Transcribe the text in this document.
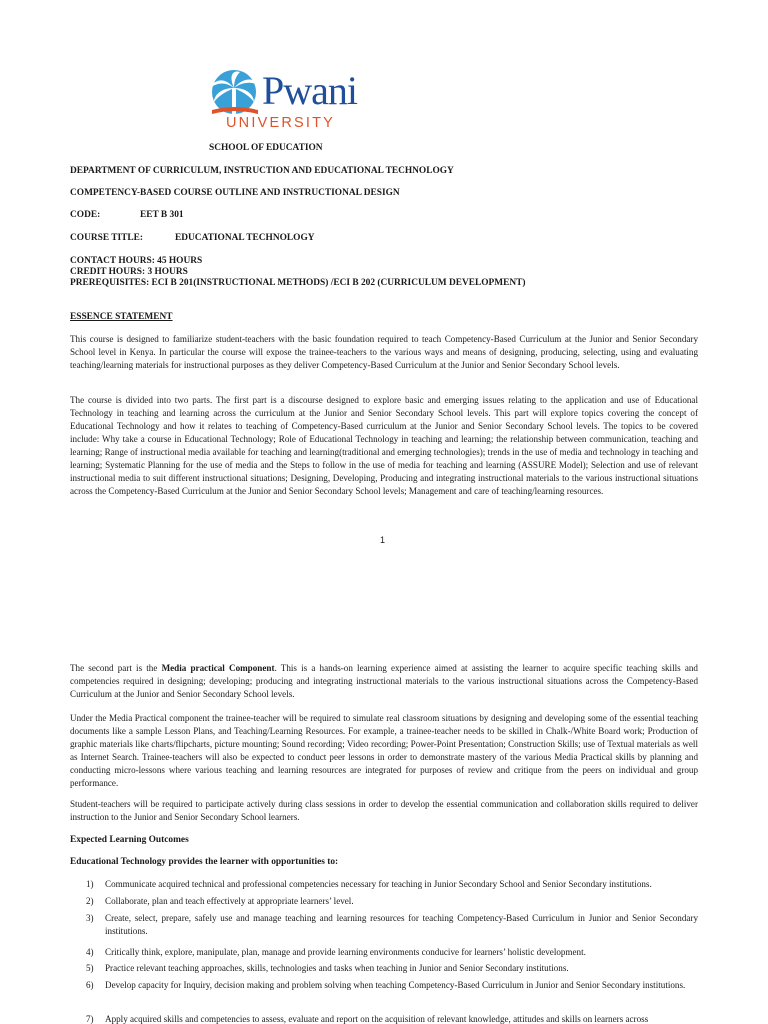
Pwani
UNIVERSITY
SCHOOL OF EDUCATION
DEPARTMENT OF CURRICULUM, INSTRUCTION AND EDUCATIONAL TECHNOLOGY
COMPETENCY-BASED COURSE OUTLINE AND INSTRUCTIONAL DESIGN
CODE:	EET B 301
COURSE TITLE:	EDUCATIONAL TECHNOLOGY
CONTACT HOURS: 45 HOURS
CREDIT HOURS: 3 HOURS
PREREQUISITES: ECI B 201(INSTRUCTIONAL METHODS) /ECI B 202 (CURRICULUM DEVELOPMENT)
ESSENCE STATEMENT
This course is designed to familiarize student-teachers with the basic foundation required to teach Competency-Based Curriculum at the Junior and Senior Secondary School level in Kenya. In particular the course will expose the trainee-teachers to the various ways and means of designing, producing, selecting, using and evaluating teaching/learning materials for instructional purposes as they deliver Competency-Based Curriculum at the Junior and Senior Secondary School levels.
The course is divided into two parts. The first part is a discourse designed to explore basic and emerging issues relating to the application and use of Educational Technology in teaching and learning across the curriculum at the Junior and Senior Secondary School levels. This part will explore topics covering the concept of Educational Technology and how it relates to teaching of Competency-Based curriculum at the Junior and Senior Secondary School levels. The topics to be covered include: Why take a course in Educational Technology; Role of Educational Technology in teaching and learning; the relationship between communication, teaching and learning; Range of instructional media available for teaching and learning(traditional and emerging technologies); trends in the use of media and technology in teaching and learning; Systematic Planning for the use of media and the Steps to follow in the use of media for teaching and learning (ASSURE Model); Selection and use of relevant instructional media to suit different instructional situations; Designing, Developing, Producing and integrating instructional materials to the various instructional situations across the Competency-Based Curriculum at the Junior and Senior Secondary School levels; Management and care of teaching/learning resources.
1
The second part is the Media practical Component. This is a hands-on learning experience aimed at assisting the learner to acquire specific teaching skills and competencies required in designing; developing; producing and integrating instructional materials to the various instructional situations across the Competency-Based Curriculum at the Junior and Senior Secondary School levels.
Under the Media Practical component the trainee-teacher will be required to simulate real classroom situations by designing and developing some of the essential teaching documents like a sample Lesson Plans, and Teaching/Learning Resources. For example, a trainee-teacher needs to be skilled in Chalk-/White Board work; Production of graphic materials like charts/flipcharts, picture mounting; Sound recording; Video recording; Power-Point Presentation; Construction Skills; use of Textual materials as well as Internet Search. Trainee-teachers will also be expected to conduct peer lessons in order to demonstrate mastery of the various Media Practical skills by planning and conducting micro-lessons where various teaching and learning resources are integrated for purposes of review and critique from the peers on individual and group performance.
Student-teachers will be required to participate actively during class sessions in order to develop the essential communication and collaboration skills required to deliver instruction to the Junior and Senior Secondary School learners.
Expected Learning Outcomes
Educational Technology provides the learner with opportunities to:
1) Communicate acquired technical and professional competencies necessary for teaching in Junior Secondary School and Senior Secondary institutions.
2) Collaborate, plan and teach effectively at appropriate learners’ level.
3) Create, select, prepare, safely use and manage teaching and learning resources for teaching Competency-Based Curriculum in Junior and Senior Secondary institutions.
4) Critically think, explore, manipulate, plan, manage and provide learning environments conducive for learners’ holistic development.
5) Practice relevant teaching approaches, skills, technologies and tasks when teaching in Junior and Senior Secondary institutions.
6) Develop capacity for Inquiry, decision making and problem solving when teaching Competency-Based Curriculum in Junior and Senior Secondary institutions.
7) Apply acquired skills and competencies to assess, evaluate and report on the acquisition of relevant knowledge, attitudes and skills on learners across
